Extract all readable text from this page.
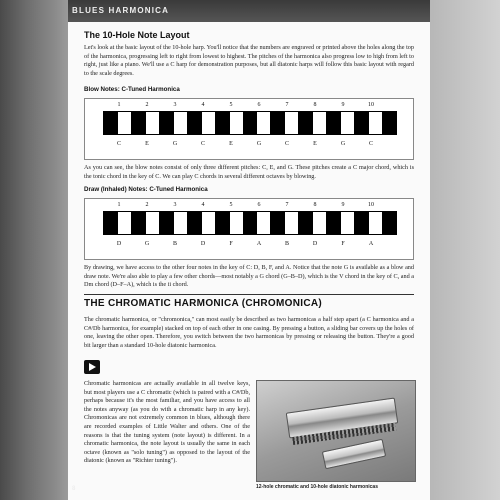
BLUES HARMONICA
The 10-Hole Note Layout
Let's look at the basic layout of the 10-hole harp. You'll notice that the numbers are engraved or printed above the holes along the top of the harmonica, progressing left to right from lowest to highest. The pitches of the harmonica also progress low to high from left to right, just like a piano. We'll use a C harp for demonstration purposes, but all diatonic harps will follow this basic layout with regard to the scale degrees.
Blow Notes: C-Tuned Harmonica
1	2	3	4	5	6	7	8	9	10
C	E	G	C	E	G	C	E	G	C
As you can see, the blow notes consist of only three different pitches: C, E, and G. These pitches create a C major chord, which is the tonic chord in the key of C. We can play C chords in several different octaves by blowing.
Draw (Inhaled) Notes: C-Tuned Harmonica
1	2	3	4	5	6	7	8	9	10
D	G	B	D	F	A	B	D	F	A
By drawing, we have access to the other four notes in the key of C: D, B, F, and A. Notice that the note G is available as a blow and draw note. We're also able to play a few other chords—most notably a G chord (G–B–D), which is the V chord in the key of C, and a Dm chord (D–F–A), which is the ii chord.
THE CHROMATIC HARMONICA (CHROMONICA)
The chromatic harmonica, or "chromonica," can most easily be described as two harmonicas a half step apart (a C harmonica and a C#/Db harmonica, for example) stacked on top of each other in one casing. By pressing a button, a sliding bar covers up the holes of one, leaving the other open. Therefore, you switch between the two harmonicas by pressing or releasing the button. They're a good bit larger than a standard 10-hole diatonic harmonica.
Chromatic harmonicas are actually available in all twelve keys, but most players use a C chromatic (which is paired with a C#/Db, perhaps because it's the most familiar, and you have access to all the notes anyway (as you do with a chromatic harp in any key). Chromonicas are not extremely common in blues, although there are recorded examples of Little Walter and others. One of the reasons is that the tuning system (note layout) is different. In a chromatic harmonica, the note layout is usually the same in each octave (known as "solo tuning") as opposed to the layout of the diatonic (known as "Richter tuning").
12-hole chromatic and 10-hole diatonic harmonicas
8
